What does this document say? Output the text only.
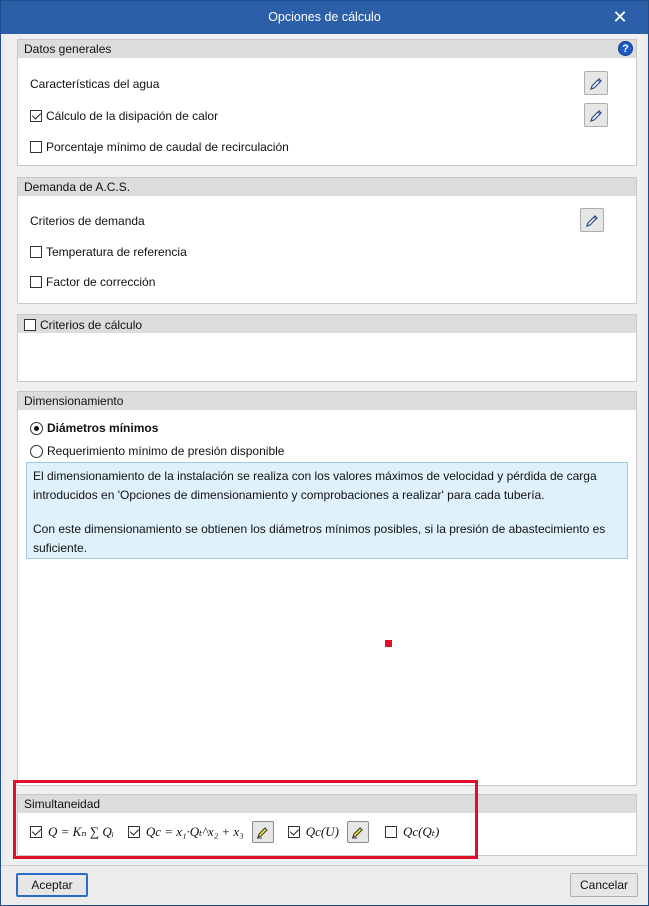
Opciones de cálculo	✕
Datos generales	?
Características del agua
Cálculo de la disipación de calor
Porcentaje mínimo de caudal de recirculación
Demanda de A.C.S.
Criterios de demanda
Temperatura de referencia
Factor de corrección
Criterios de cálculo
Dimensionamiento
Diámetros mínimos
Requerimiento mínimo de presión disponible

El dimensionamiento de la instalación se realiza con los valores máximos de velocidad y pérdida de carga introducidos en 'Opciones de dimensionamiento y comprobaciones a realizar' para cada tubería.

Con este dimensionamiento se obtienen los diámetros mínimos posibles, si la presión de abastecimiento es suficiente.

Simultaneidad
Q = Kₙ ∑ Qᵢ Qc = x₁·Qₜ^x₂ + x₃	Qc(U)	Qc(Qₜ)
Aceptar	Cancelar
